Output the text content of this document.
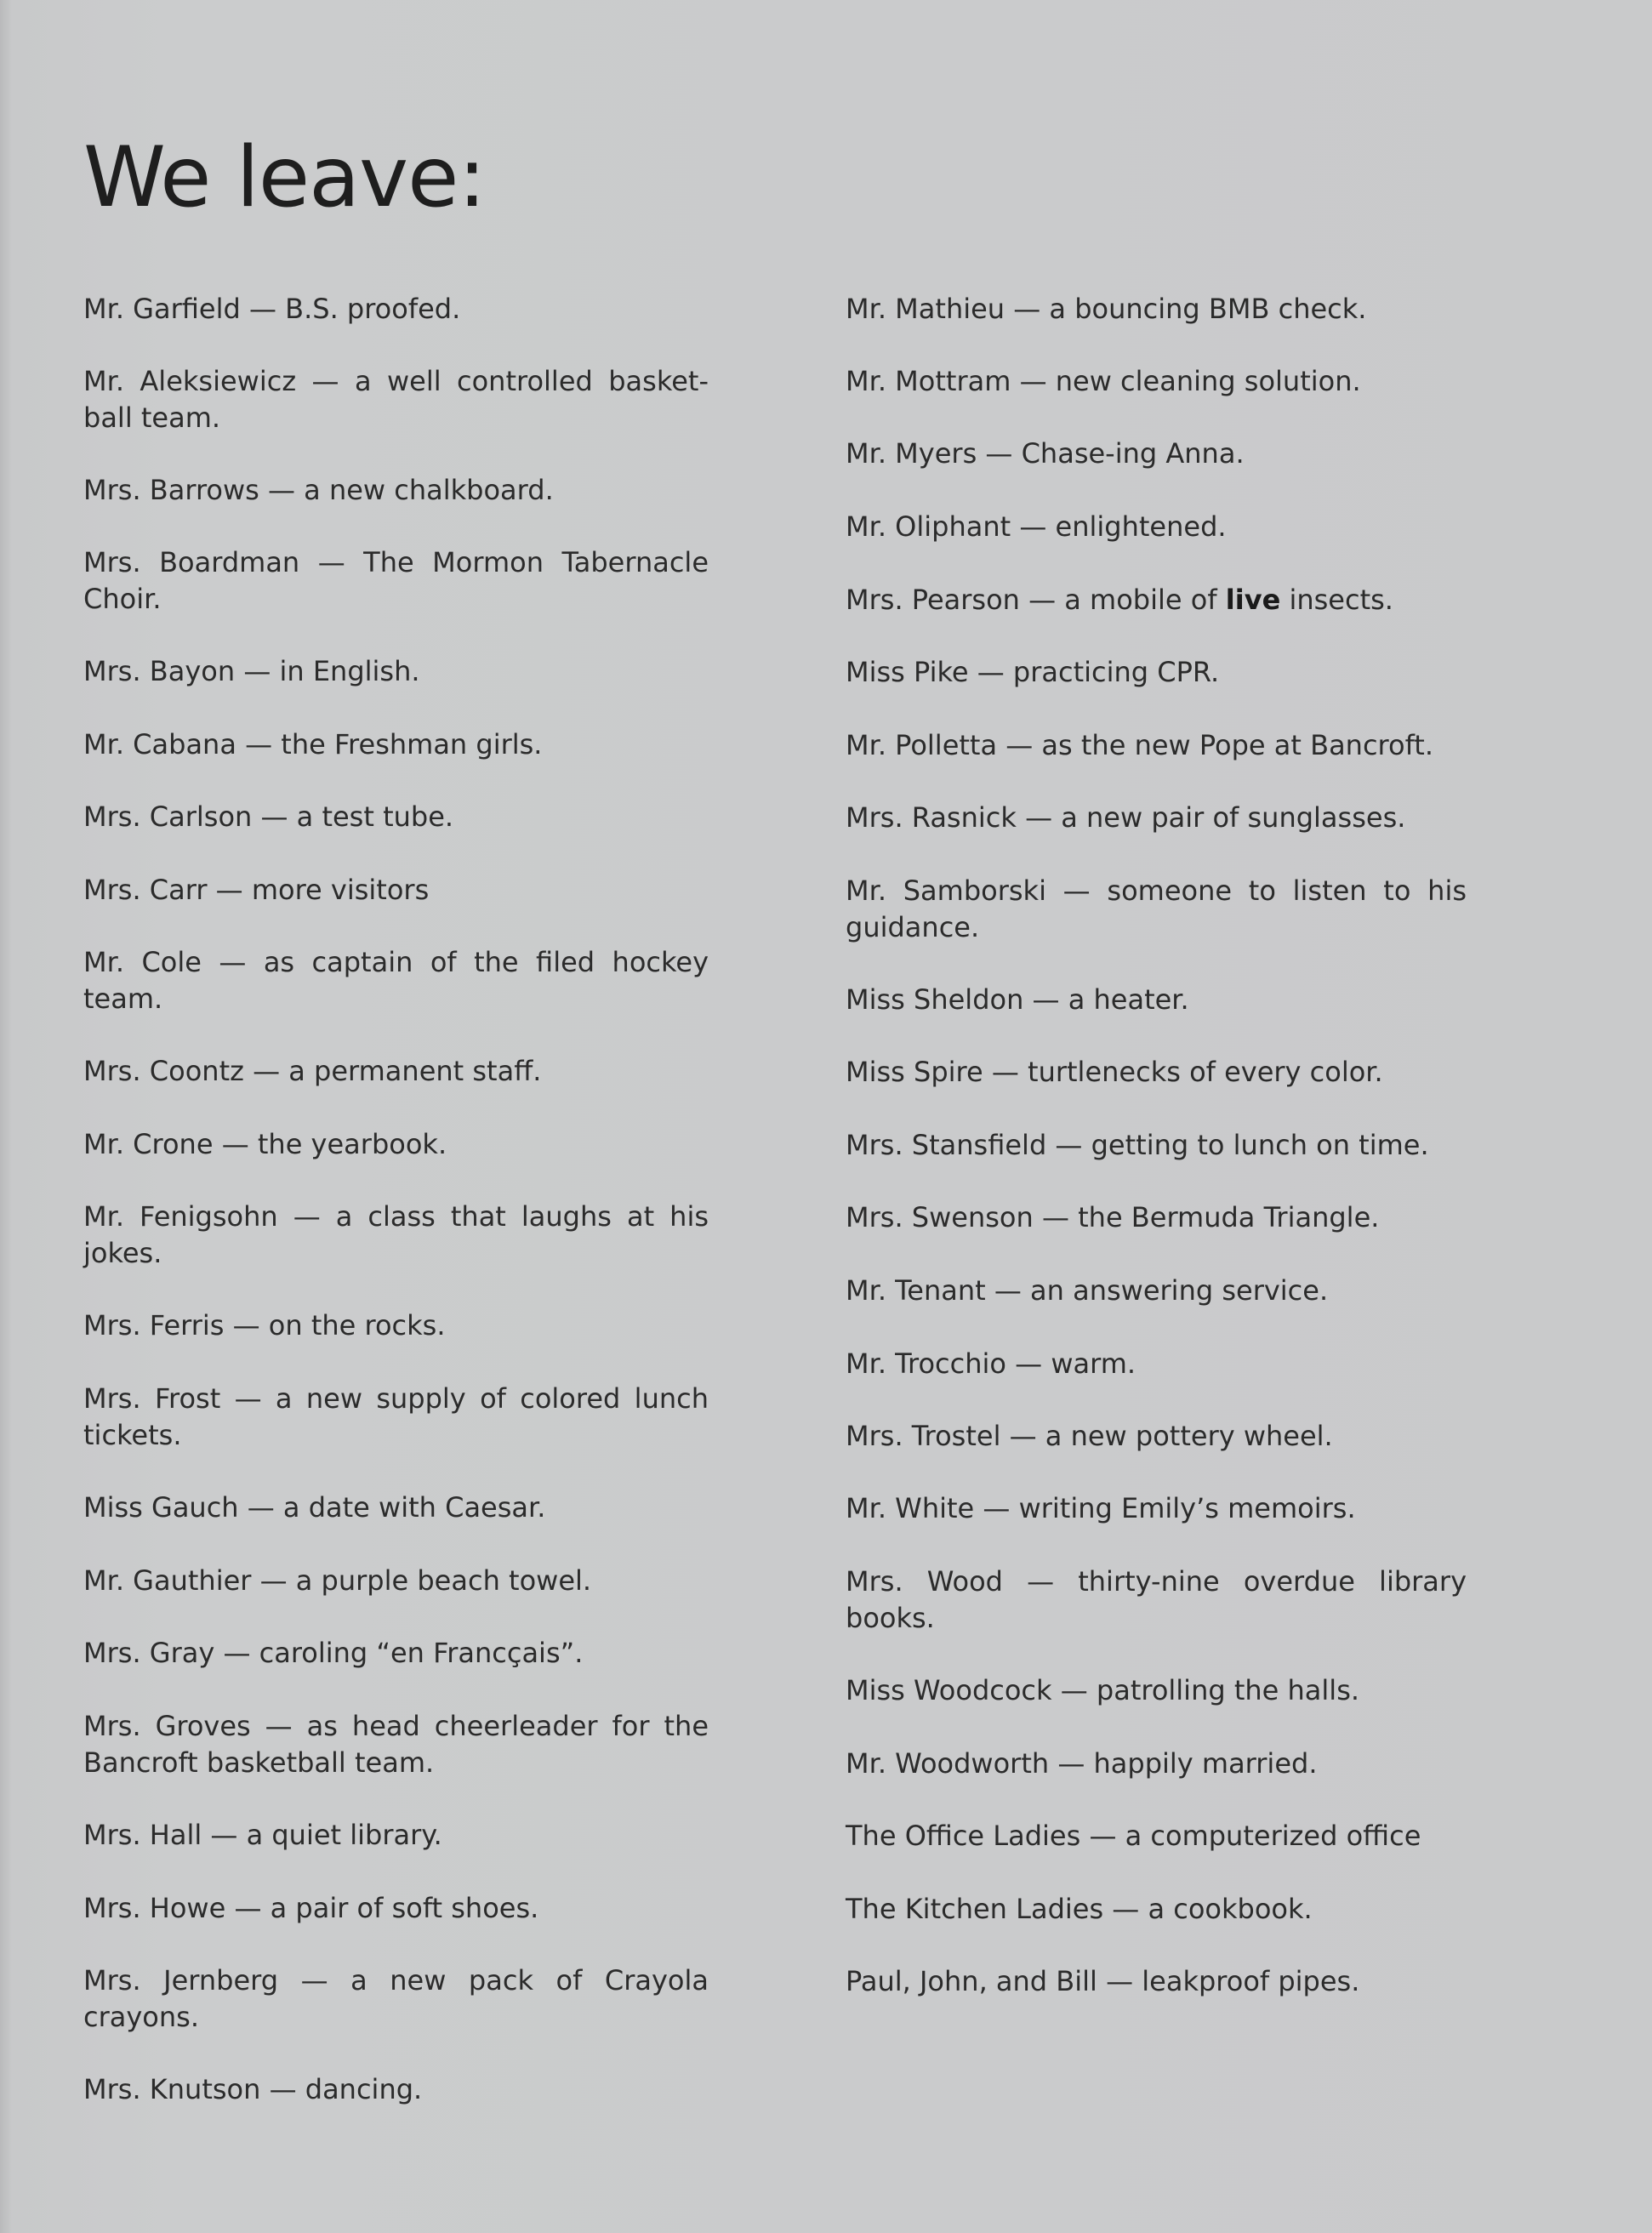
We leave:

Mr. Garfield — B.S. proofed.

Mr. Aleksiewicz — a well controlled basket-ball team.

Mrs. Barrows — a new chalkboard.

Mrs. Boardman — The Mormon Tabernacle Choir.

Mrs. Bayon — in English.

Mr. Cabana — the Freshman girls.

Mrs. Carlson — a test tube.

Mrs. Carr — more visitors

Mr. Cole — as captain of the filed hockey team.

Mrs. Coontz — a permanent staff.

Mr. Crone — the yearbook.

Mr. Fenigsohn — a class that laughs at his jokes.

Mrs. Ferris — on the rocks.

Mrs. Frost — a new supply of colored lunch tickets.

Miss Gauch — a date with Caesar.

Mr. Gauthier — a purple beach towel.

Mrs. Gray — caroling “en Francçais”.

Mrs. Groves — as head cheerleader for the Bancroft basketball team.

Mrs. Hall — a quiet library.

Mrs. Howe — a pair of soft shoes.

Mrs. Jernberg — a new pack of Crayola crayons.

Mrs. Knutson — dancing.

Mr. Mathieu — a bouncing BMB check.

Mr. Mottram — new cleaning solution.

Mr. Myers — Chase-ing Anna.

Mr. Oliphant — enlightened.

Mrs. Pearson — a mobile of live insects.

Miss Pike — practicing CPR.

Mr. Polletta — as the new Pope at Bancroft.

Mrs. Rasnick — a new pair of sunglasses.

Mr. Samborski — someone to listen to his guidance.

Miss Sheldon — a heater.

Miss Spire — turtlenecks of every color.

Mrs. Stansfield — getting to lunch on time.

Mrs. Swenson — the Bermuda Triangle.

Mr. Tenant — an answering service.

Mr. Trocchio — warm.

Mrs. Trostel — a new pottery wheel.

Mr. White — writing Emily’s memoirs.

Mrs. Wood — thirty-nine overdue library books.

Miss Woodcock — patrolling the halls.

Mr. Woodworth — happily married.

The Office Ladies — a computerized office

The Kitchen Ladies — a cookbook.

Paul, John, and Bill — leakproof pipes.
